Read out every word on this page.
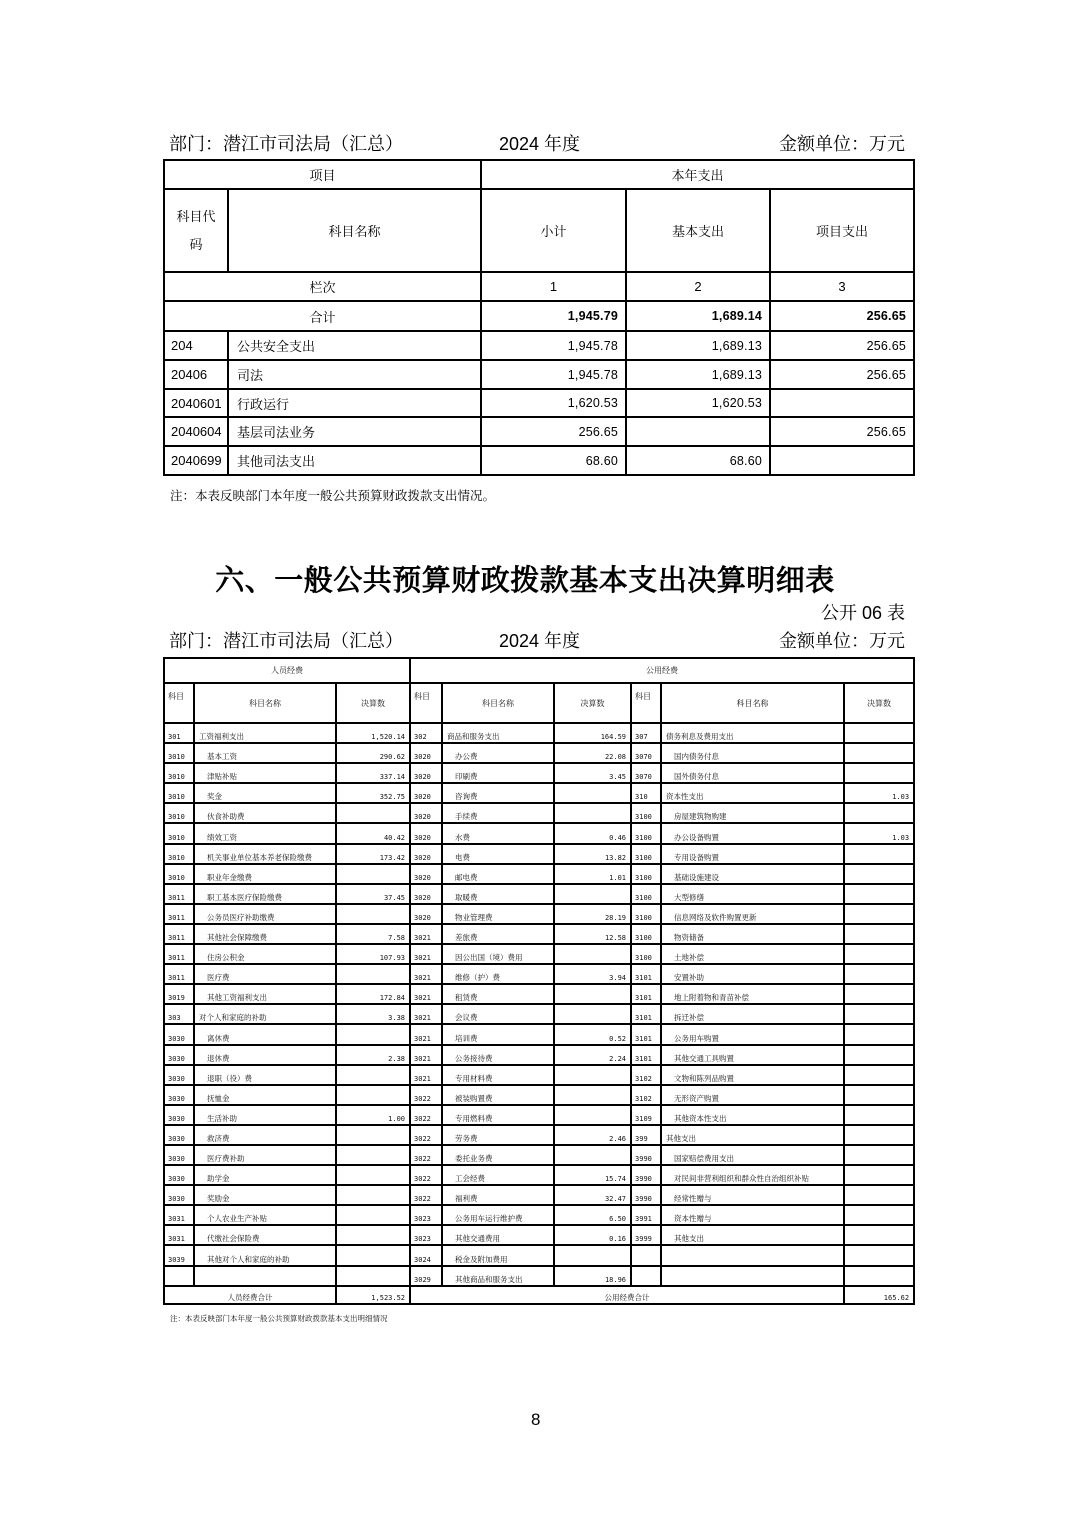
部门：潜江市司法局（汇总）	2024 年度	金额单位：万元
项目		本年支出		
科目代码	科目名称	小计	基本支出	项目支出
栏次		1	2	3
合计		1,945.79	1,689.14	256.65
204	公共安全支出	1,945.78	1,689.13	256.65
20406	司法	1,945.78	1,689.13	256.65
2040601	行政运行	1,620.53	1,620.53	
2040604	基层司法业务	256.65		256.65
2040699	其他司法支出	68.60	68.60	
注：本表反映部门本年度一般公共预算财政拨款支出情况。
六、一般公共预算财政拨款基本支出决算明细表
公开 06 表
部门：潜江市司法局（汇总）	2024 年度	金额单位：万元
人员经费			公用经费					
科目	科目名称	决算数	科目	科目名称	决算数	科目	科目名称	决算数
301	工资福利支出	1,520.14	302	商品和服务支出	164.59	307	债务利息及费用支出	
3010	基本工资	290.62	3020	办公费	22.08	3070	国内债务付息	
3010	津贴补贴	337.14	3020	印刷费	3.45	3070	国外债务付息	
3010	奖金	352.75	3020	咨询费		310	资本性支出	1.03
3010	伙食补助费		3020	手续费		3100	房屋建筑物购建	
3010	绩效工资	40.42	3020	水费	0.46	3100	办公设备购置	1.03
3010	机关事业单位基本养老保险缴费	173.42	3020	电费	13.82	3100	专用设备购置	
3010	职业年金缴费		3020	邮电费	1.01	3100	基础设施建设	
3011	职工基本医疗保险缴费	37.45	3020	取暖费		3100	大型修缮	
3011	公务员医疗补助缴费		3020	物业管理费	28.19	3100	信息网络及软件购置更新	
3011	其他社会保障缴费	7.58	3021	差旅费	12.58	3100	物资储备	
3011	住房公积金	107.93	3021	因公出国（境）费用		3100	土地补偿	
3011	医疗费		3021	维修（护）费	3.94	3101	安置补助	
3019	其他工资福利支出	172.84	3021	租赁费		3101	地上附着物和青苗补偿	
303	对个人和家庭的补助	3.38	3021	会议费		3101	拆迁补偿	
3030	离休费		3021	培训费	0.52	3101	公务用车购置	
3030	退休费	2.38	3021	公务接待费	2.24	3101	其他交通工具购置	
3030	退职（役）费		3021	专用材料费		3102	文物和陈列品购置	
3030	抚恤金		3022	被装购置费		3102	无形资产购置	
3030	生活补助	1.00	3022	专用燃料费		3109	其他资本性支出	
3030	救济费		3022	劳务费	2.46	399	其他支出	
3030	医疗费补助		3022	委托业务费		3990	国家赔偿费用支出	
3030	助学金		3022	工会经费	15.74	3990	对民间非营利组织和群众性自治组织补贴	
3030	奖励金		3022	福利费	32.47	3990	经常性赠与	
3031	个人农业生产补贴		3023	公务用车运行维护费	6.50	3991	资本性赠与	
3031	代缴社会保险费		3023	其他交通费用	0.16	3999	其他支出	
3039	其他对个人和家庭的补助		3024	税金及附加费用				
			3029	其他商品和服务支出	18.96			
人员经费合计		1,523.52	公用经费合计					165.62
注：本表反映部门本年度一般公共预算财政拨款基本支出明细情况
8
